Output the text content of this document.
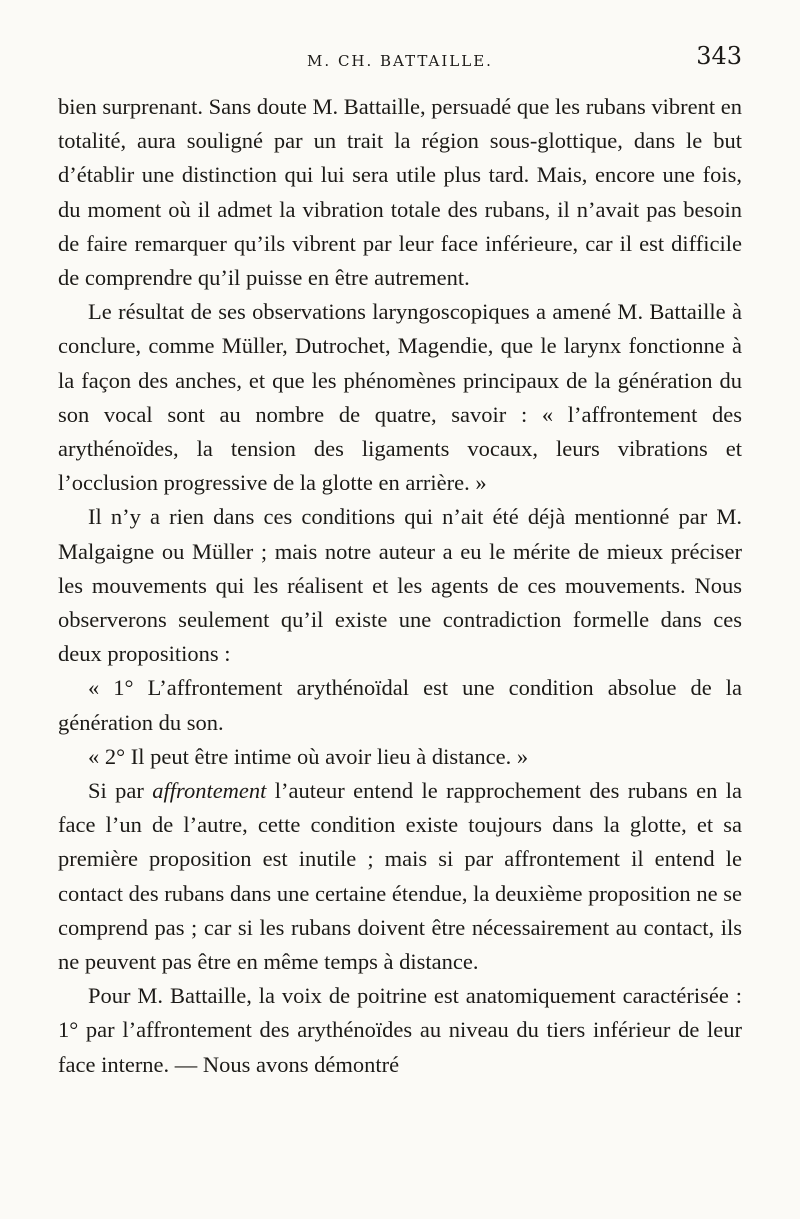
M. CH. BATTAILLE.	343

bien surprenant. Sans doute M. Battaille, persuadé que les rubans vibrent en totalité, aura souligné par un trait la région sous-glottique, dans le but d’établir une distinction qui lui sera utile plus tard. Mais, encore une fois, du moment où il admet la vibration totale des rubans, il n’avait pas besoin de faire remarquer qu’ils vibrent par leur face inférieure, car il est difficile de comprendre qu’il puisse en être autrement.

Le résultat de ses observations laryngoscopiques a amené M. Battaille à conclure, comme Müller, Dutrochet, Magendie, que le larynx fonctionne à la façon des anches, et que les phénomènes principaux de la génération du son vocal sont au nombre de quatre, savoir : « l’affrontement des arythénoïdes, la tension des ligaments vocaux, leurs vibrations et l’occlusion progressive de la glotte en arrière. »

Il n’y a rien dans ces conditions qui n’ait été déjà mentionné par M. Malgaigne ou Müller ; mais notre auteur a eu le mérite de mieux préciser les mouvements qui les réalisent et les agents de ces mouvements. Nous observerons seulement qu’il existe une contradiction formelle dans ces deux propositions :

« 1° L’affrontement arythénoïdal est une condition absolue de la génération du son.

« 2° Il peut être intime où avoir lieu à distance. »

Si par affrontement l’auteur entend le rapprochement des rubans en la face l’un de l’autre, cette condition existe toujours dans la glotte, et sa première proposition est inutile ; mais si par affrontement il entend le contact des rubans dans une certaine étendue, la deuxième proposition ne se comprend pas ; car si les rubans doivent être nécessairement au contact, ils ne peuvent pas être en même temps à distance.

Pour M. Battaille, la voix de poitrine est anatomiquement caractérisée : 1° par l’affrontement des arythénoïdes au niveau du tiers inférieur de leur face interne. — Nous avons démontré
